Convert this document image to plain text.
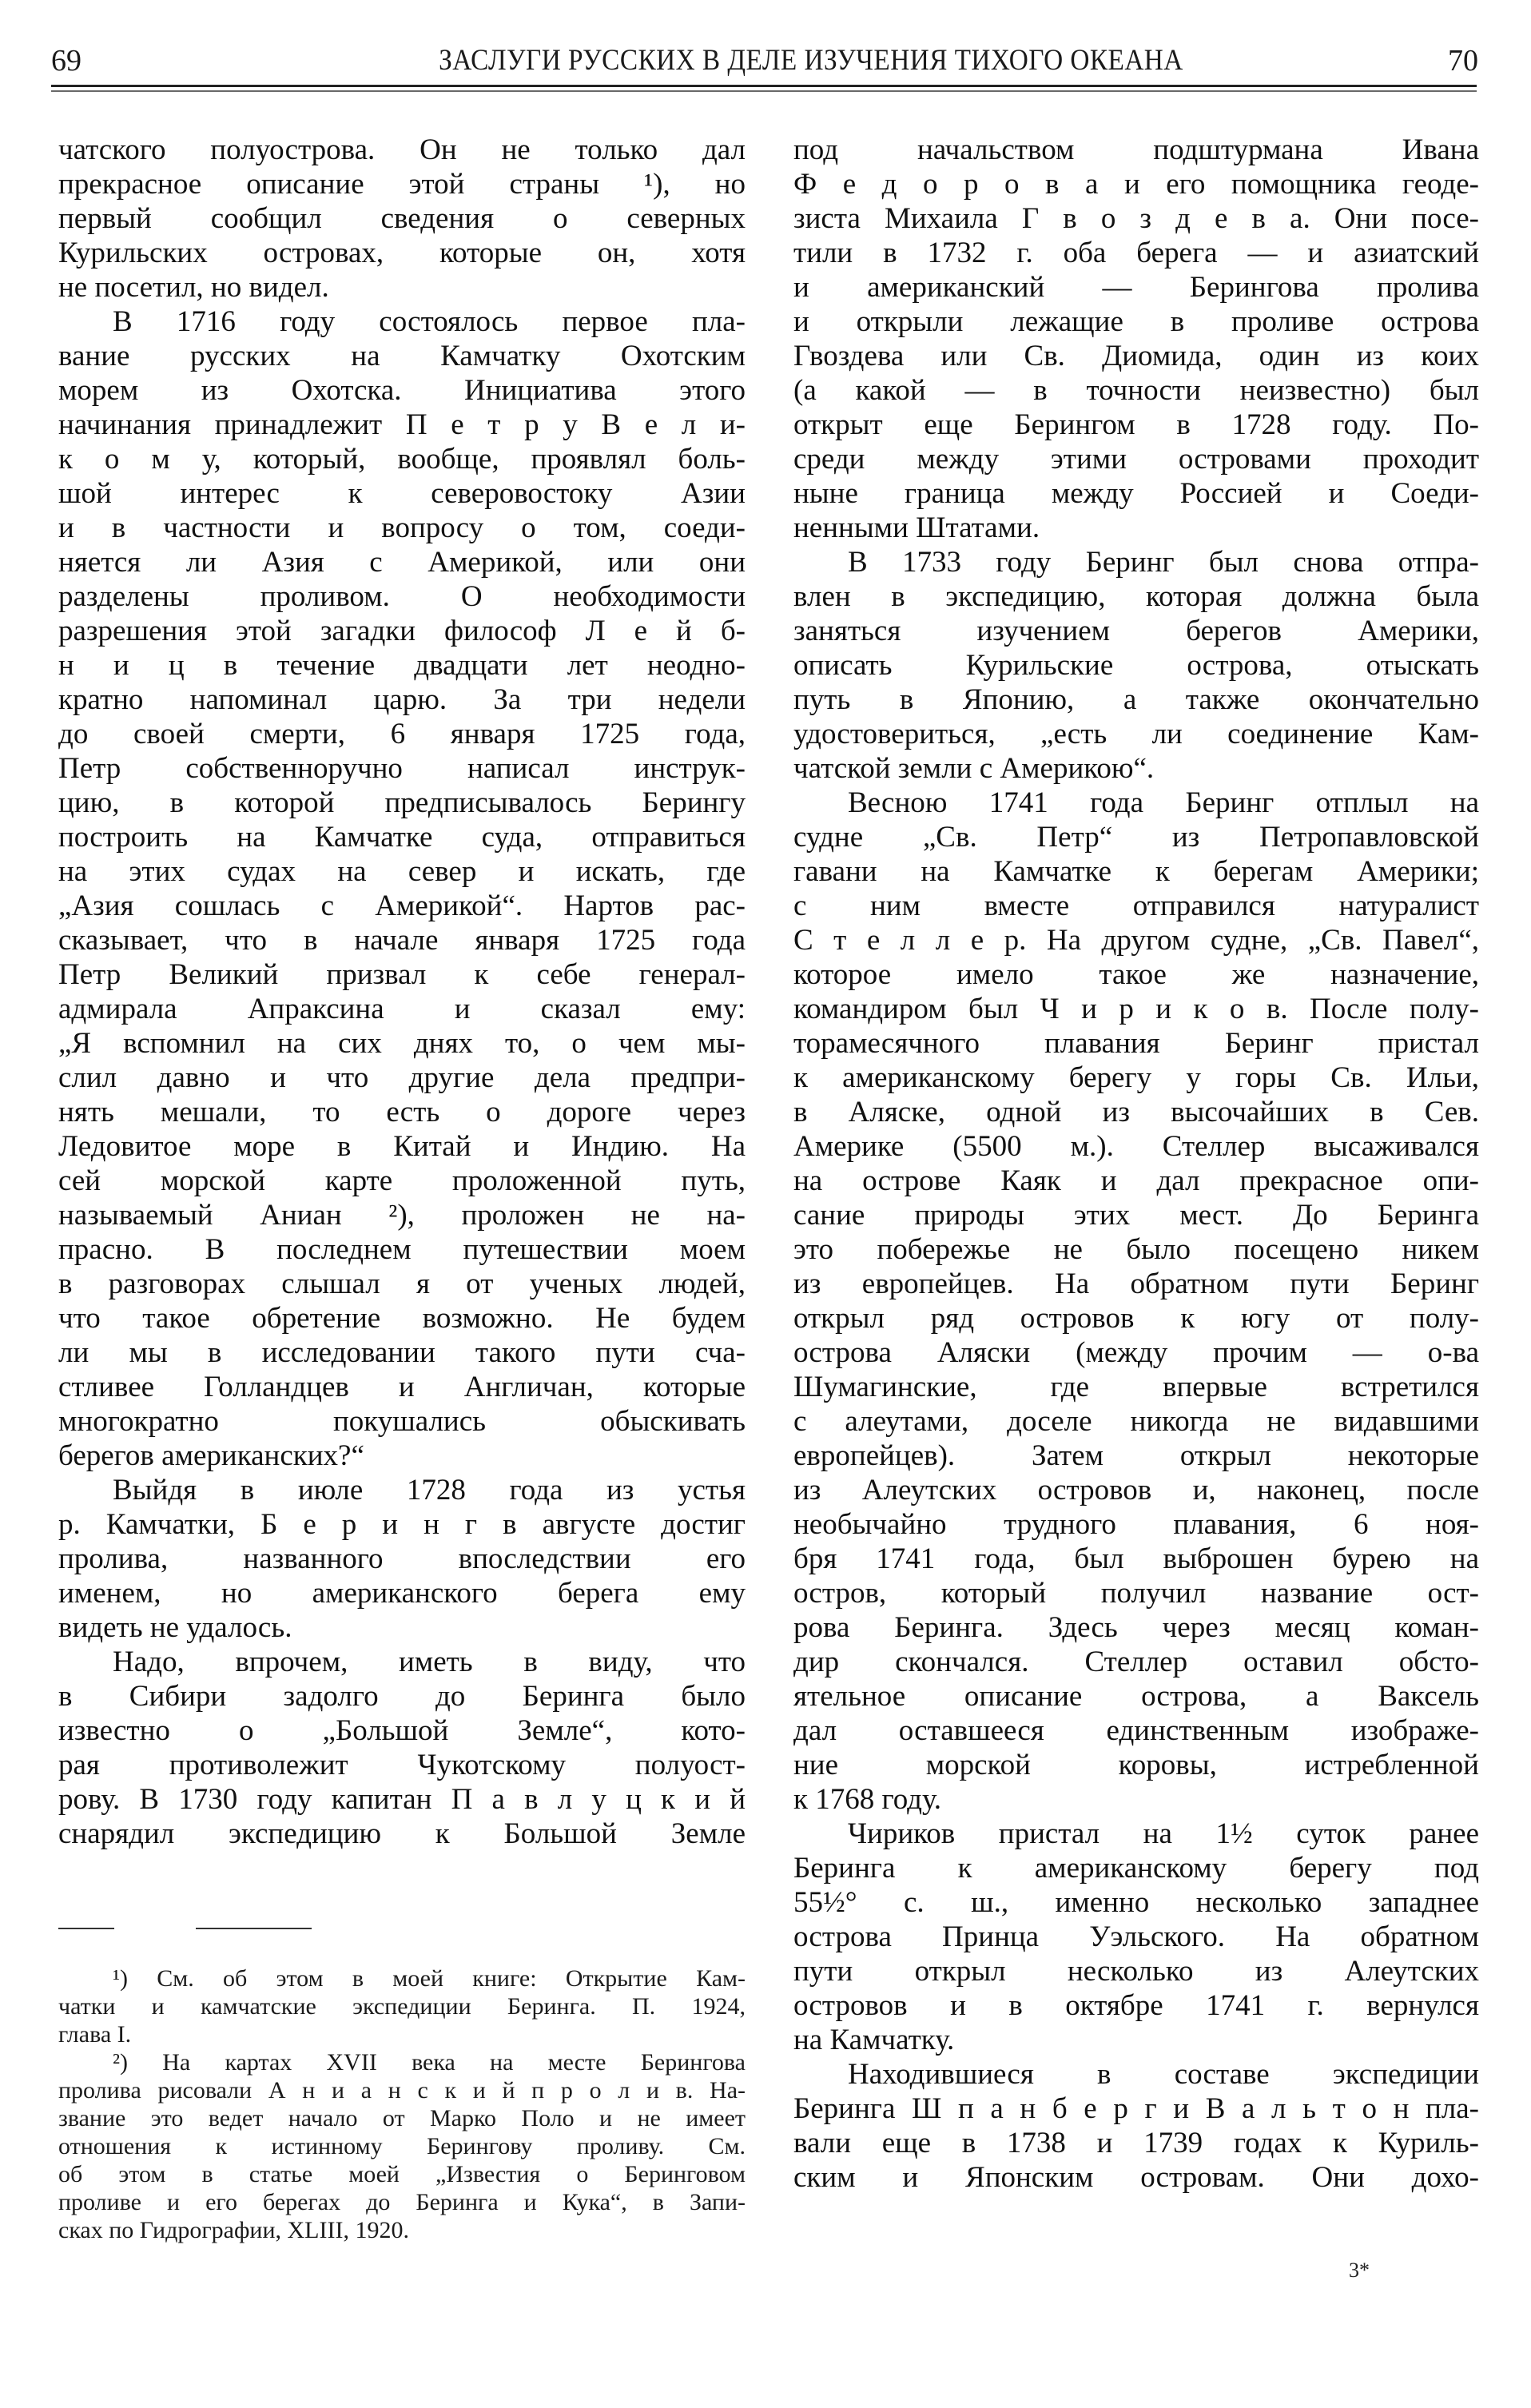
69	ЗАСЛУГИ РУССКИХ В ДЕЛЕ ИЗУЧЕНИЯ ТИХОГО ОКЕАНА	70
чатского полуострова. Он не только дал
прекрасное описание этой страны ¹), но
первый сообщил сведения о северных
Курильских островах, которые он, хотя
не посетил, но видел.
В 1716 году состоялось первое пла-
вание русских на Камчатку Охотским
морем из Охотска. Инициатива этого
начинания принадлежит П е т р у В е л и-
к о м у, который, вообще, проявлял боль-
шой интерес к северовостоку Азии
и в частности и вопросу о том, соеди-
няется ли Азия с Америкой, или они
разделены проливом. О необходимости
разрешения этой загадки философ Л е й б-
н и ц в течение двадцати лет неодно-
кратно напоминал царю. За три недели
до своей смерти, 6 января 1725 года,
Петр собственноручно написал инструк-
цию, в которой предписывалось Берингу
построить на Камчатке суда, отправиться
на этих судах на север и искать, где
„Азия сошлась с Америкой“. Нартов рас-
сказывает, что в начале января 1725 года
Петр Великий призвал к себе генерал-
адмирала Апраксина и сказал ему:
„Я вспомнил на сих днях то, о чем мы-
слил давно и что другие дела предпри-
нять мешали, то есть о дороге через
Ледовитое море в Китай и Индию. На
сей морской карте проложенной путь,
называемый Аниан ²), проложен не на-
прасно. В последнем путешествии моем
в разговорах слышал я от ученых людей,
что такое обретение возможно. Не будем
ли мы в исследовании такого пути сча-
стливее Голландцев и Англичан, которые
многократно покушались обыскивать
берегов американских?“
Выйдя в июле 1728 года из устья
р. Камчатки, Б е р и н г в августе достиг
пролива, названного впоследствии его
именем, но американского берега ему
видеть не удалось.
Надо, впрочем, иметь в виду, что
в Сибири задолго до Беринга было
известно о „Большой Земле“, кото-
рая противолежит Чукотскому полуост-
рову. В 1730 году капитан П а в л у ц к и й
снарядил экспедицию к Большой Земле
под начальством подштурмана Ивана
Ф е д о р о в а и его помощника геоде-
зиста Михаила Г в о з д е в а. Они посе-
тили в 1732 г. оба берега — и азиатский
и американский — Берингова пролива
и открыли лежащие в проливе острова
Гвоздева или Св. Диомида, один из коих
(а какой — в точности неизвестно) был
открыт еще Берингом в 1728 году. По-
среди между этими островами проходит
ныне граница между Россией и Соеди-
ненными Штатами.
В 1733 году Беринг был снова отпра-
влен в экспедицию, которая должна была
заняться изучением берегов Америки,
описать Курильские острова, отыскать
путь в Японию, а также окончательно
удостовериться, „есть ли соединение Кам-
чатской земли с Америкою“.
Весною 1741 года Беринг отплыл на
судне „Св. Петр“ из Петропавловской
гавани на Камчатке к берегам Америки;
с ним вместе отправился натуралист
С т е л л е р. На другом судне, „Св. Павел“,
которое имело такое же назначение,
командиром был Ч и р и к о в. После полу-
торамесячного плавания Беринг пристал
к американскому берегу у горы Св. Ильи,
в Аляске, одной из высочайших в Сев.
Америке (5500 м.). Стеллер высаживался
на острове Каяк и дал прекрасное опи-
сание природы этих мест. До Беринга
это побережье не было посещено никем
из европейцев. На обратном пути Беринг
открыл ряд островов к югу от полу-
острова Аляски (между прочим — о-ва
Шумагинские, где впервые встретился
с алеутами, доселе никогда не видавшими
европейцев). Затем открыл некоторые
из Алеутских островов и, наконец, после
необычайно трудного плавания, 6 ноя-
бря 1741 года, был выброшен бурею на
остров, который получил название ост-
рова Беринга. Здесь через месяц коман-
дир скончался. Стеллер оставил обсто-
ятельное описание острова, а Ваксель
дал оставшееся единственным изображе-
ние морской коровы, истребленной
к 1768 году.
Чириков пристал на 1½ суток ранее
Беринга к американскому берегу под
55½° с. ш., именно несколько западнее
острова Принца Уэльского. На обратном
пути открыл несколько из Алеутских
островов и в октябре 1741 г. вернулся
на Камчатку.
Находившиеся в составе экспедиции
Беринга Ш п а н б е р г и В а л ь т о н пла-
вали еще в 1738 и 1739 годах к Куриль-
ским и Японским островам. Они дохо-
¹) См. об этом в моей книге: Открытие Кам-
чатки и камчатские экспедиции Беринга. П. 1924,
глава I.
²) На картах XVII века на месте Берингова
пролива рисовали А н и а н с к и й п р о л и в. На-
звание это ведет начало от Марко Поло и не имеет
отношения к истинному Берингову проливу. См.
об этом в статье моей „Известия о Беринговом
проливе и его берегах до Беринга и Кука“, в Запи-
сках по Гидрографии, XLIII, 1920.
3*
